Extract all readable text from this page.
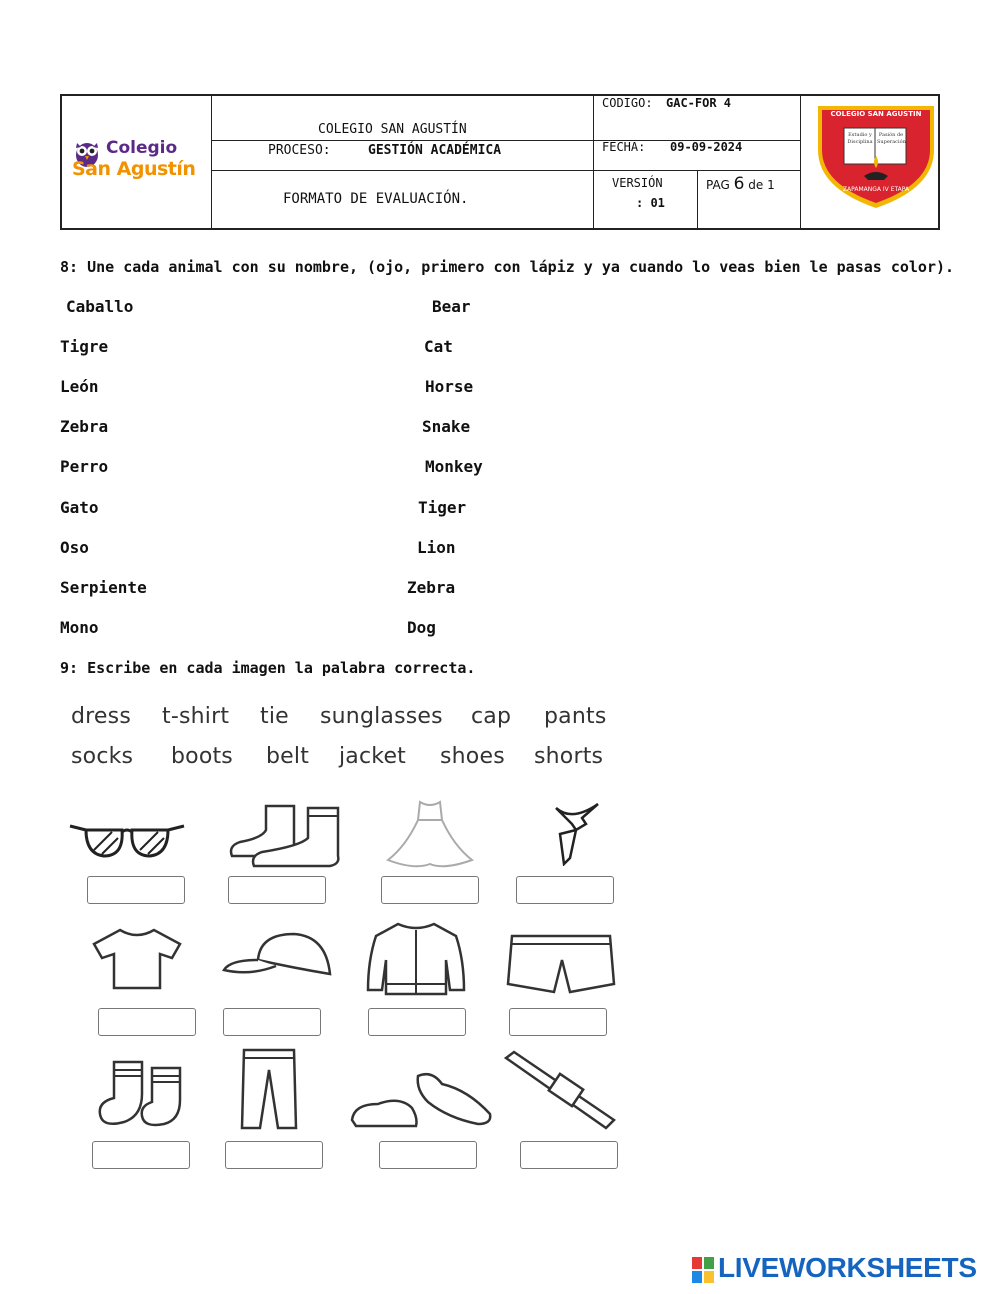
Colegio
San Agustín
COLEGIO SAN AGUSTÍN
PROCESO:	GESTIÓN ACADÉMICA
FORMATO DE EVALUACIÓN.
CODIGO: GAC-FOR 4
FECHA: 09-09-2024
VERSIÓN
: 01
PAG 6 de 1
COLEGIO SAN AGUSTIN
Estudio y Disciplina
Pasión de Superación
ZAPAMANGA IV ETAPA
8: Une cada animal con su nombre, (ojo, primero con lápiz y ya cuando lo veas bien le pasas color).
Caballo
Tigre
León
Zebra
Perro
Gato
Oso
Serpiente
Mono
Bear
Cat
Horse
Snake
Monkey
Tiger
Lion
Zebra
Dog
9: Escribe en cada imagen la palabra correcta.
dress t-shirt tie sunglasses cap pants
socks boots belt jacket shoes shorts
LIVEWORKSHEETS
